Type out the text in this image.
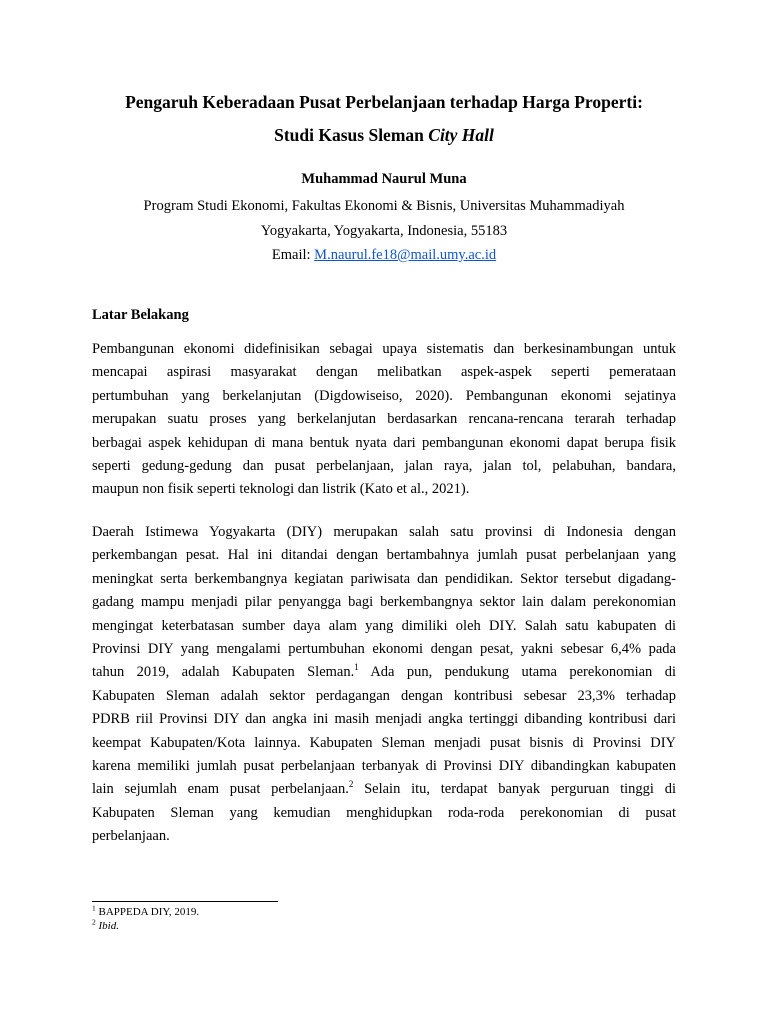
Pengaruh Keberadaan Pusat Perbelanjaan terhadap Harga Properti:
Studi Kasus Sleman City Hall
Muhammad Naurul Muna
Program Studi Ekonomi, Fakultas Ekonomi & Bisnis, Universitas Muhammadiyah
Yogyakarta, Yogyakarta, Indonesia, 55183
Email: M.naurul.fe18@mail.umy.ac.id
Latar Belakang
Pembangunan ekonomi didefinisikan sebagai upaya sistematis dan berkesinambungan untuk
mencapai aspirasi masyarakat dengan melibatkan aspek-aspek seperti pemerataan
pertumbuhan yang berkelanjutan (Digdowiseiso, 2020). Pembangunan ekonomi sejatinya
merupakan suatu proses yang berkelanjutan berdasarkan rencana-rencana terarah terhadap
berbagai aspek kehidupan di mana bentuk nyata dari pembangunan ekonomi dapat berupa fisik
seperti gedung-gedung dan pusat perbelanjaan, jalan raya, jalan tol, pelabuhan, bandara,
maupun non fisik seperti teknologi dan listrik (Kato et al., 2021).
Daerah Istimewa Yogyakarta (DIY) merupakan salah satu provinsi di Indonesia dengan
perkembangan pesat. Hal ini ditandai dengan bertambahnya jumlah pusat perbelanjaan yang
meningkat serta berkembangnya kegiatan pariwisata dan pendidikan. Sektor tersebut digadang-
gadang mampu menjadi pilar penyangga bagi berkembangnya sektor lain dalam perekonomian
mengingat keterbatasan sumber daya alam yang dimiliki oleh DIY. Salah satu kabupaten di
Provinsi DIY yang mengalami pertumbuhan ekonomi dengan pesat, yakni sebesar 6,4% pada
tahun 2019, adalah Kabupaten Sleman.$^1$ Ada pun, pendukung utama perekonomian di
Kabupaten Sleman adalah sektor perdagangan dengan kontribusi sebesar 23,3% terhadap
PDRB riil Provinsi DIY dan angka ini masih menjadi angka tertinggi dibanding kontribusi dari
keempat Kabupaten/Kota lainnya. Kabupaten Sleman menjadi pusat bisnis di Provinsi DIY
karena memiliki jumlah pusat perbelanjaan terbanyak di Provinsi DIY dibandingkan kabupaten
lain sejumlah enam pusat perbelanjaan.$^2$ Selain itu, terdapat banyak perguruan tinggi di
Kabupaten Sleman yang kemudian menghidupkan roda-roda perekonomian di pusat
perbelanjaan.
$^1$ BAPPEDA DIY, 2019.
$^2$ Ibid.
